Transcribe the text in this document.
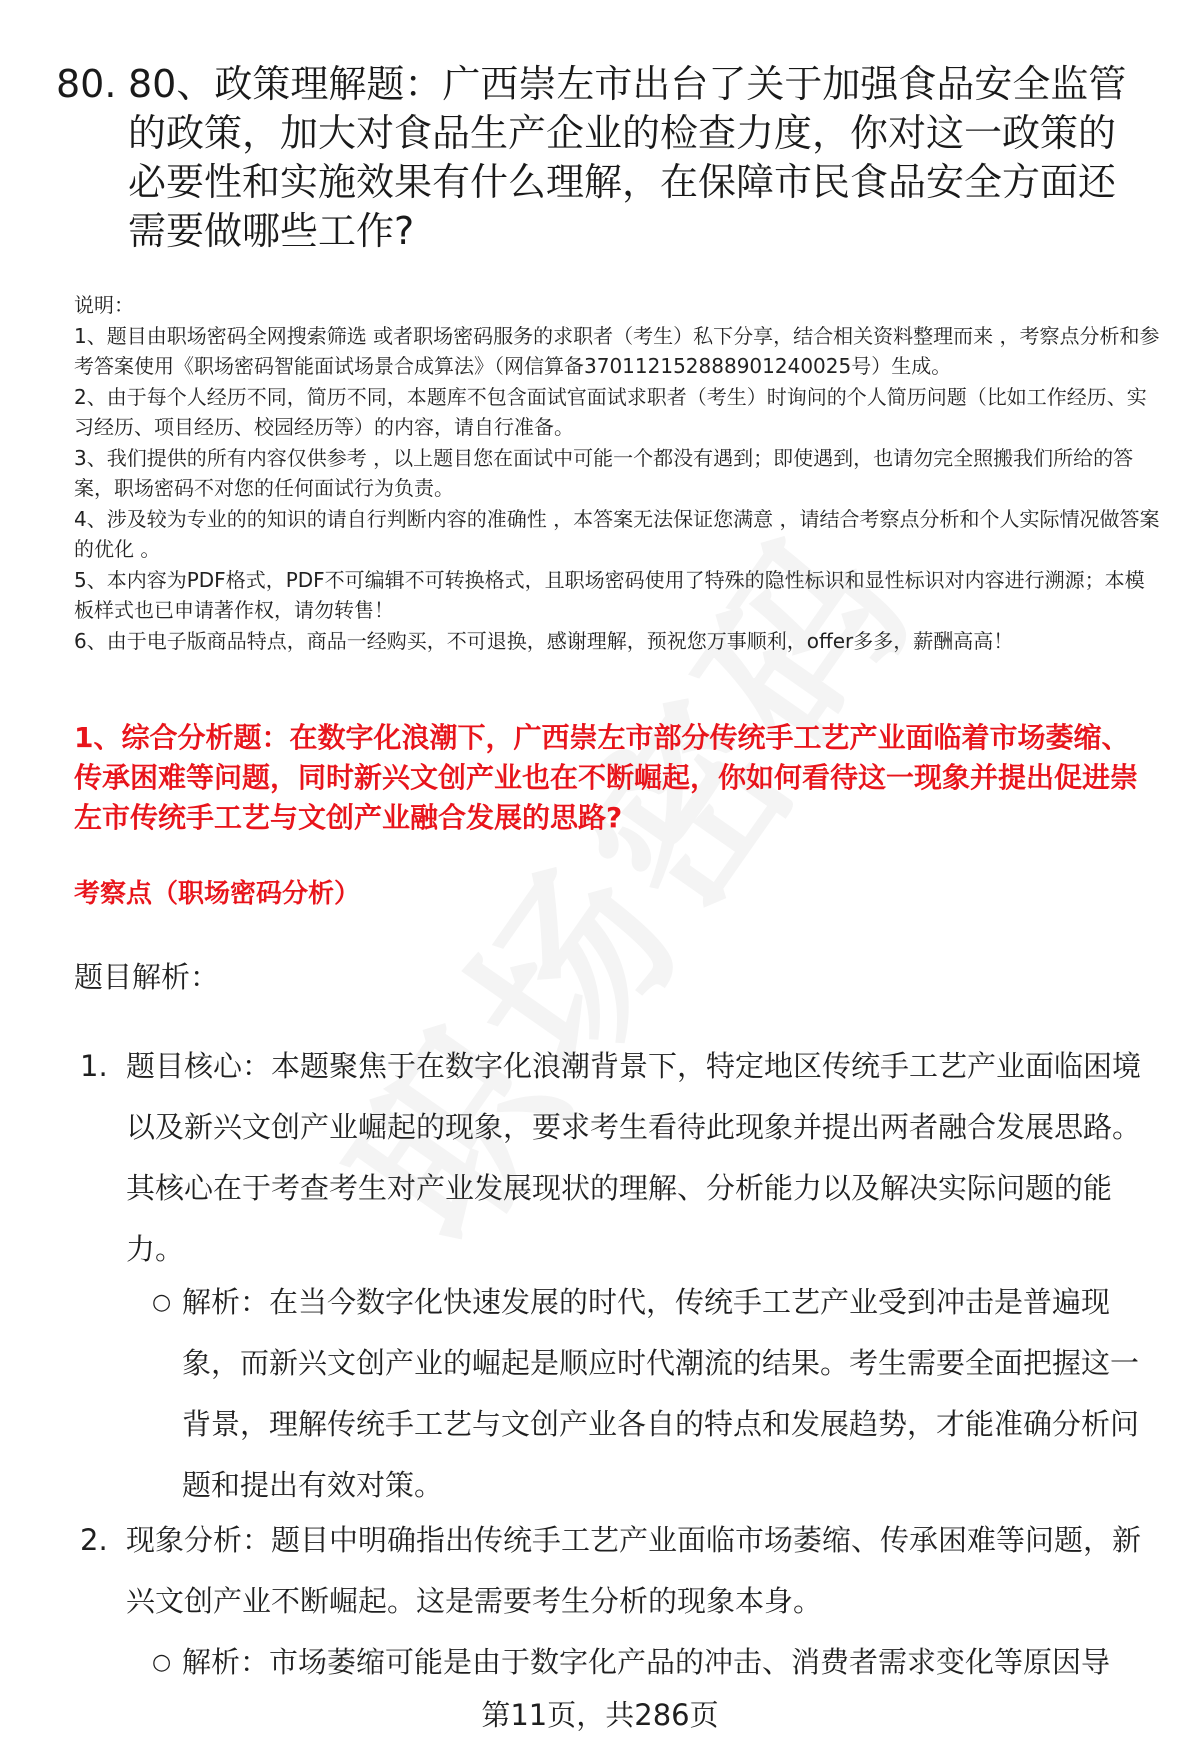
80. 80、政策理解题：广西崇左市出台了关于加强食品安全监管的政策，加大对食品生产企业的检查力度，你对这一政策的必要性和实施效果有什么理解，在保障市民食品安全方面还需要做哪些工作?

说明：

1、题目由职场密码全网搜索筛选 或者职场密码服务的求职者（考生）私下分享，结合相关资料整理而来 ，考察点分析和参考答案使用《职场密码智能面试场景合成算法》（网信算备370112152888901240025号）生成。

2、由于每个人经历不同，简历不同，本题库不包含面试官面试求职者（考生）时询问的个人简历问题（比如工作经历、实习经历、项目经历、校园经历等）的内容，请自行准备。

3、我们提供的所有内容仅供参考 ，以上题目您在面试中可能一个都没有遇到；即使遇到，也请勿完全照搬我们所给的答案，职场密码不对您的任何面试行为负责。

4、涉及较为专业的的知识的请自行判断内容的准确性 ，本答案无法保证您满意 ，请结合考察点分析和个人实际情况做答案的优化 。

5、本内容为PDF格式，PDF不可编辑不可转换格式，且职场密码使用了特殊的隐性标识和显性标识对内容进行溯源；本模板样式也已申请著作权，请勿转售！

6、由于电子版商品特点，商品一经购买，不可退换，感谢理解，预祝您万事顺利，offer多多，薪酬高高！

1、综合分析题：在数字化浪潮下，广西崇左市部分传统手工艺产业面临着市场萎缩、传承困难等问题，同时新兴文创产业也在不断崛起，你如何看待这一现象并提出促进崇左市传统手工艺与文创产业融合发展的思路?
考察点（职场密码分析）
题目解析：
1. 题目核心：本题聚焦于在数字化浪潮背景下，特定地区传统手工艺产业面临困境以及新兴文创产业崛起的现象，要求考生看待此现象并提出两者融合发展思路。其核心在于考查考生对产业发展现状的理解、分析能力以及解决实际问题的能力。
○ 解析：在当今数字化快速发展的时代，传统手工艺产业受到冲击是普遍现象，而新兴文创产业的崛起是顺应时代潮流的结果。考生需要全面把握这一背景，理解传统手工艺与文创产业各自的特点和发展趋势，才能准确分析问题和提出有效对策。
2. 现象分析：题目中明确指出传统手工艺产业面临市场萎缩、传承困难等问题，新兴文创产业不断崛起。这是需要考生分析的现象本身。
○ 解析：市场萎缩可能是由于数字化产品的冲击、消费者需求变化等原因导
第11页，共286页
